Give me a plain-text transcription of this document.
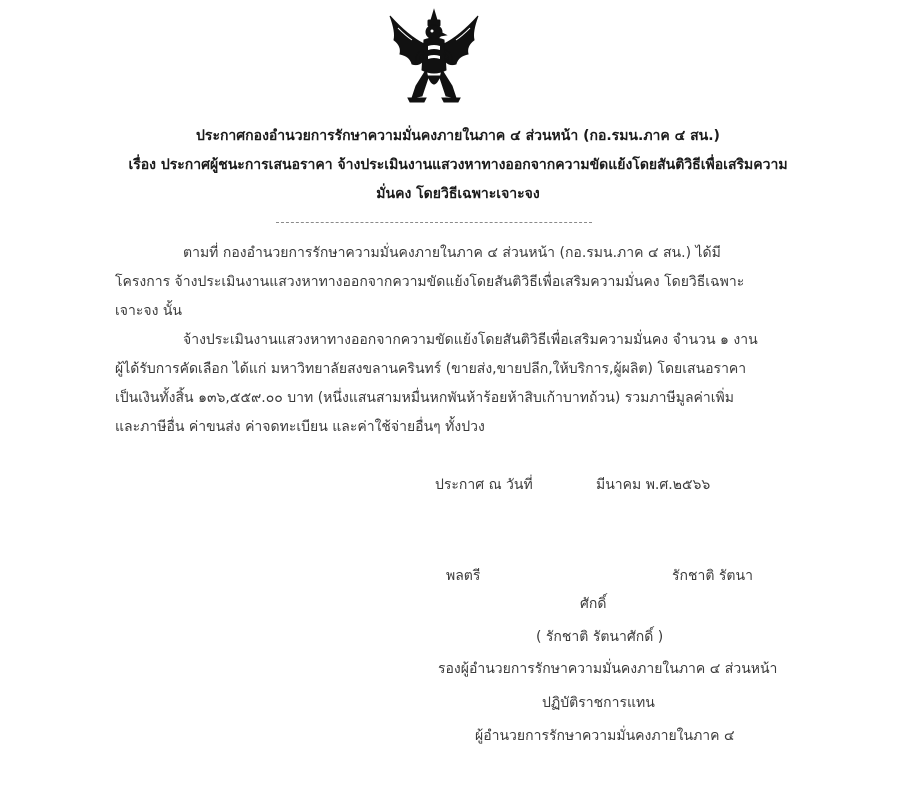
ประกาศกองอำนวยการรักษาความมั่นคงภายในภาค ๔ ส่วนหน้า (กอ.รมน.ภาค ๔ สน.)
เรื่อง ประกาศผู้ชนะการเสนอราคา จ้างประเมินงานแสวงหาทางออกจากความขัดแย้งโดยสันติวิธีเพื่อเสริมความ
มั่นคง โดยวิธีเฉพาะเจาะจง
ตามที่ กองอำนวยการรักษาความมั่นคงภายในภาค ๔ ส่วนหน้า (กอ.รมน.ภาค ๔ สน.) ได้มี
โครงการ จ้างประเมินงานแสวงหาทางออกจากความขัดแย้งโดยสันติวิธีเพื่อเสริมความมั่นคง โดยวิธีเฉพาะ
เจาะจง นั้น
จ้างประเมินงานแสวงหาทางออกจากความขัดแย้งโดยสันติวิธีเพื่อเสริมความมั่นคง จำนวน ๑ งาน
ผู้ได้รับการคัดเลือก ได้แก่ มหาวิทยาลัยสงขลานครินทร์ (ขายส่ง,ขายปลีก,ให้บริการ,ผู้ผลิต) โดยเสนอราคา
เป็นเงินทั้งสิ้น ๑๓๖,๕๕๙.๐๐ บาท (หนึ่งแสนสามหมื่นหกพันห้าร้อยห้าสิบเก้าบาทถ้วน) รวมภาษีมูลค่าเพิ่ม
และภาษีอื่น ค่าขนส่ง ค่าจดทะเบียน และค่าใช้จ่ายอื่นๆ ทั้งปวง
ประกาศ ณ วันที่	มีนาคม พ.ศ.๒๕๖๖
พลตรี	รักชาติ รัตนา
ศักดิ์
( รักชาติ รัตนาศักดิ์ )
รองผู้อำนวยการรักษาความมั่นคงภายในภาค ๔ ส่วนหน้า
ปฏิบัติราชการแทน
ผู้อำนวยการรักษาความมั่นคงภายในภาค ๔
